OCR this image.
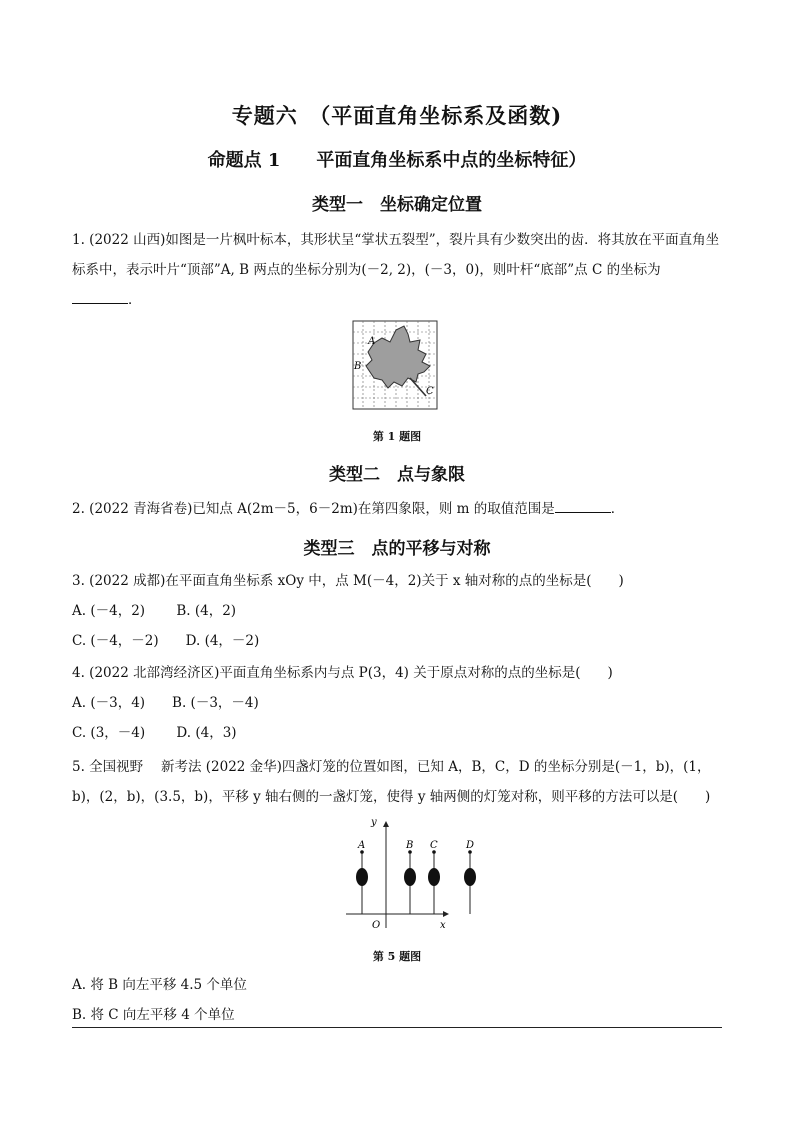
专题六　（平面直角坐标系及函数)
命题点 1　　平面直角坐标系中点的坐标特征）
类型一　坐标确定位置
1. (2022 山西)如图是一片枫叶标本，其形状呈“掌状五裂型”，裂片具有少数突出的齿．将其放在平面直角坐
标系中，表示叶片“顶部”A, B 两点的坐标分别为(－2, 2)，(－3，0)，则叶杆“底部”点 C 的坐标为
．
A
B
C
第 1 题图
类型二　点与象限
2. (2022 青海省卷)已知点 A(2m－5，6－2m)在第四象限，则 m 的取值范围是	．
类型三　点的平移与对称
3. (2022 成都)在平面直角坐标系 xOy 中，点 M(－4，2)关于 x 轴对称的点的坐标是(　　)
A. (－4，2)　　 B. (4，2)
C. (－4，－2)　　D. (4，－2)
4. (2022 北部湾经济区)平面直角坐标系内与点 P(3，4) 关于原点对称的点的坐标是(　　)
A. (－3，4)　　B. (－3，－4)
C. (3，－4)　　 D. (4，3)
5. 全国视野　 新考法 (2022 金华)四盏灯笼的位置如图，已知 A，B，C，D 的坐标分别是(－1，b)，(1，
b)，(2，b)，(3.5，b)，平移 y 轴右侧的一盏灯笼，使得 y 轴两侧的灯笼对称，则平移的方法可以是(　　)
y
x
O
A	B C	D
第 5 题图
A. 将 B 向左平移 4.5 个单位
B. 将 C 向左平移 4 个单位
